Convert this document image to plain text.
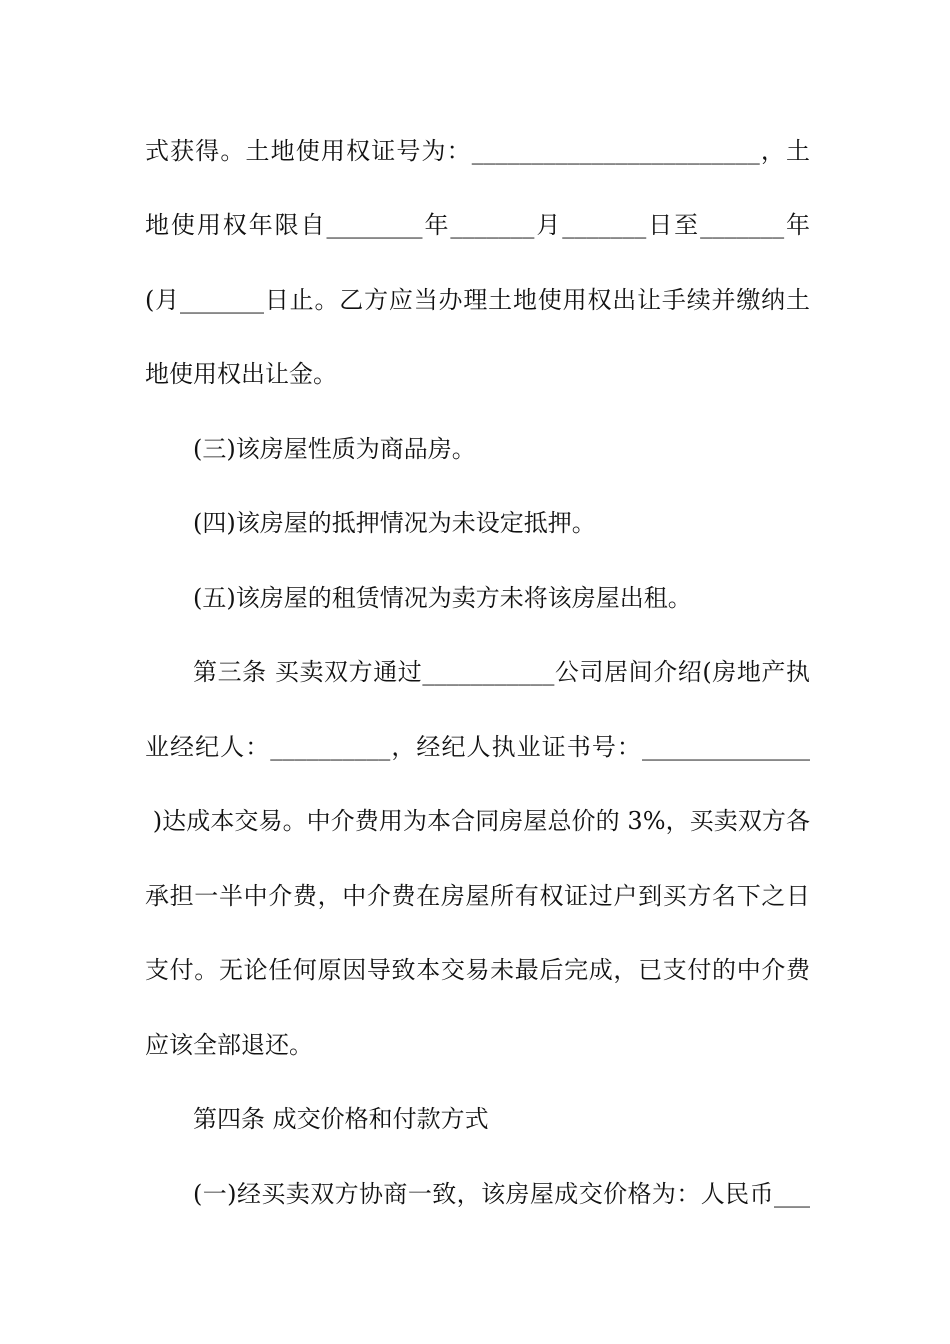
式获得。土地使用权证号为：________________________，土
地使用权年限自________年_______月_______日至_______年
(月_______日止。乙方应当办理土地使用权出让手续并缴纳土
地使用权出让金。
(三)该房屋性质为商品房。
(四)该房屋的抵押情况为未设定抵押。
(五)该房屋的租赁情况为卖方未将该房屋出租。
第三条 买卖双方通过___________公司居间介绍(房地产执
业经纪人：__________，经纪人执业证书号：______________
)达成本交易。中介费用为本合同房屋总价的 3%，买卖双方各
承担一半中介费，中介费在房屋所有权证过户到买方名下之日
支付。无论任何原因导致本交易未最后完成，已支付的中介费
应该全部退还。
第四条 成交价格和付款方式
(一)经买卖双方协商一致，该房屋成交价格为：人民币___
